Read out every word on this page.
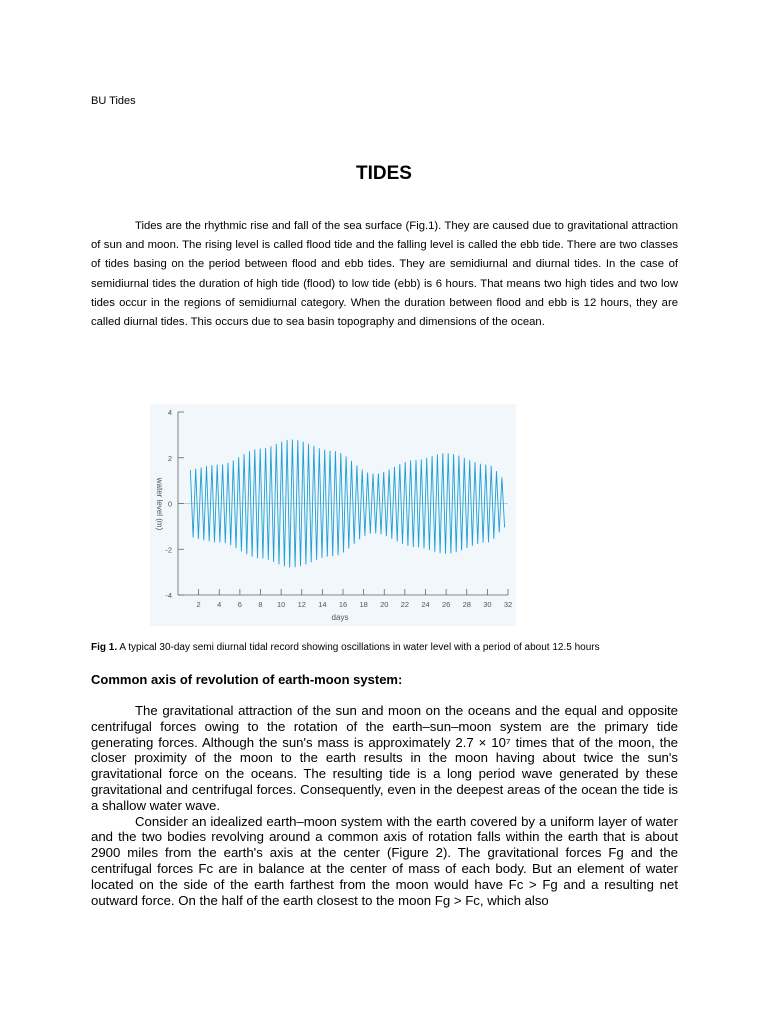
BU Tides
TIDES

Tides are the rhythmic rise and fall of the sea surface (Fig.1). They are caused due to gravitational attraction of sun and moon. The rising level is called flood tide and the falling level is called the ebb tide. There are two classes of tides basing on the period between flood and ebb tides. They are semidiurnal and diurnal tides. In the case of semidiurnal tides the duration of high tide (flood) to low tide (ebb) is 6 hours. That means two high tides and two low tides occur in the regions of semidiurnal category. When the duration between flood and ebb is 12 hours, they are called diurnal tides. This occurs due to sea basin topography and dimensions of the ocean.

4
2
0
-2
-4
2 4 6 8 10 12 14 16 18 20 22 24 26 28 30 32
water level (m)
days
Fig 1. A typical 30-day semi diurnal tidal record showing oscillations in water level with a period of about 12.5 hours
Common axis of revolution of earth-moon system:

The gravitational attraction of the sun and moon on the oceans and the equal and opposite centrifugal forces owing to the rotation of the earth–sun–moon system are the primary tide generating forces. Although the sun's mass is approximately 2.7 × 10⁷ times that of the moon, the closer proximity of the moon to the earth results in the moon having about twice the sun's gravitational force on the oceans. The resulting tide is a long period wave generated by these gravitational and centrifugal forces. Consequently, even in the deepest areas of the ocean the tide is a shallow water wave.

Consider an idealized earth–moon system with the earth covered by a uniform layer of water and the two bodies revolving around a common axis of rotation falls within the earth that is about 2900 miles from the earth's axis at the center (Figure 2). The gravitational forces Fg and the centrifugal forces Fc are in balance at the center of mass of each body. But an element of water located on the side of the earth farthest from the moon would have Fc > Fg and a resulting net outward force. On the half of the earth closest to the moon Fg > Fc, which also
